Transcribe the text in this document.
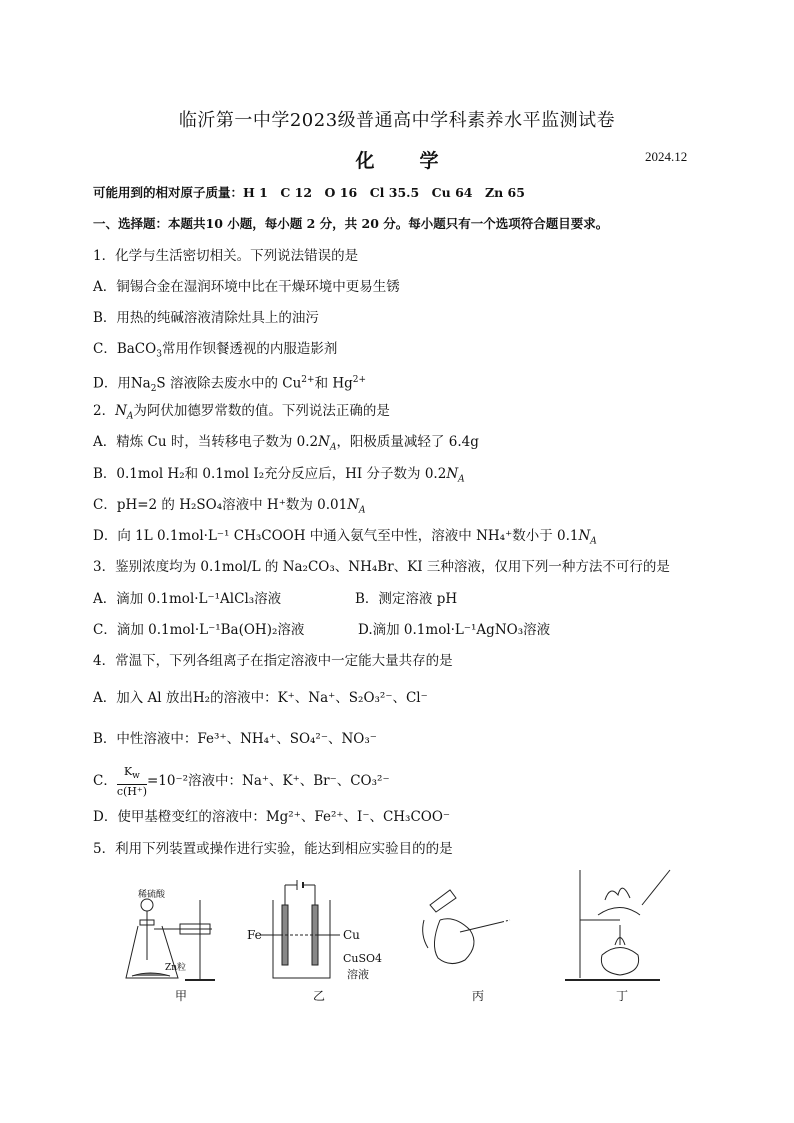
临沂第一中学2023级普通高中学科素养水平监测试卷
化 学	2024.12
可能用到的相对原子质量：H 1　C 12　O 16　Cl 35.5　Cu 64　Zn 65
一、选择题：本题共10 小题，每小题 2 分，共 20 分。每小题只有一个选项符合题目要求。
1．化学与生活密切相关。下列说法错误的是
A．铜锡合金在湿润环境中比在干燥环境中更易生锈
B．用热的纯碱溶液清除灶具上的油污
C．BaCO$_3$常用作钡餐透视的内服造影剂
D．用$Na_2S$ 溶液除去废水中的 $Cu^{2+}$和 $Hg^{2+}$
2．$N_A$为阿伏加德罗常数的值。下列说法正确的是
A．精炼 Cu 时，当转移电子数为 $0.2N_A$，阳极质量减轻了 6.4g
B．0.1mol H₂和 0.1mol I₂充分反应后，HI 分子数为 $0.2N_A$
C．pH=2 的 H₂SO₄溶液中 H⁺数为 $0.01N_A$
D．向 1L 0.1mol·L⁻¹ CH₃COOH 中通入氨气至中性，溶液中 NH₄⁺数小于 $0.1N_A$
3．鉴别浓度均为 0.1mol/L 的 Na₂CO₃、NH₄Br、KI 三种溶液，仅用下列一种方法不可行的是
A．滴加 0.1mol·L⁻¹AlCl₃溶液	B．测定溶液 pH
C．滴加 0.1mol·L⁻¹Ba(OH)₂溶液	D.滴加 0.1mol·L⁻¹AgNO₃溶液
4．常温下，下列各组离子在指定溶液中一定能大量共存的是
A．加入 Al 放出H₂的溶液中：K⁺、Na⁺、S₂O₃²⁻、Cl⁻
B．中性溶液中：Fe³⁺、NH₄⁺、SO₄²⁻、NO₃⁻
C． $\frac{K_w}{c(H^+)} =10^{-2}$溶液中：Na⁺、K⁺、Br⁻、CO₃²⁻
D．使甲基橙变红的溶液中：Mg²⁺、Fe²⁺、I⁻、CH₃COO⁻
5．利用下列装置或操作进行实验，能达到相应实验目的的是
稀硫酸
Zn粒
甲
Fe	Cu
CuSO4
溶液
乙	丙	丁
